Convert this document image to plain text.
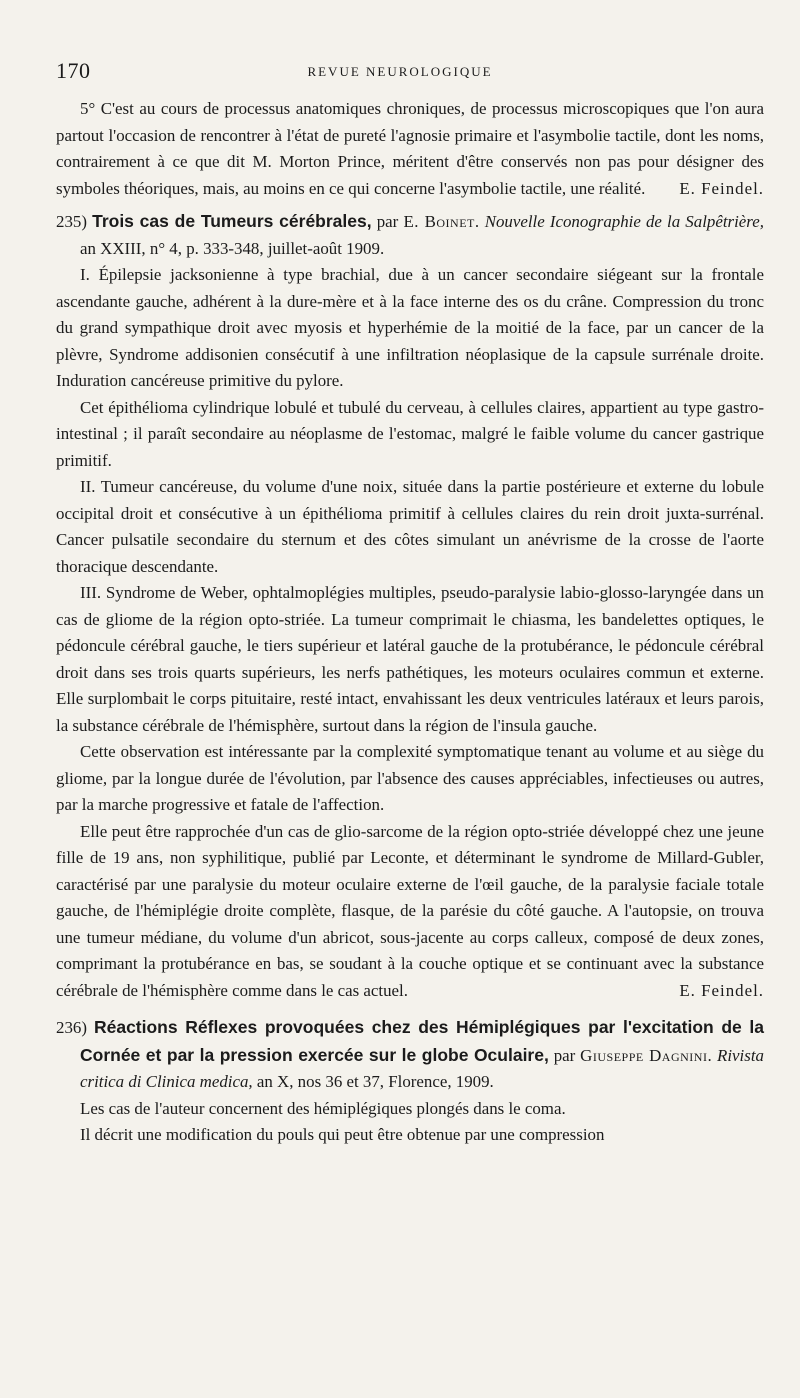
170	REVUE NEUROLOGIQUE

5° C'est au cours de processus anatomiques chroniques, de processus microscopiques que l'on aura partout l'occasion de rencontrer à l'état de pureté l'agnosie primaire et l'asymbolie tactile, dont les noms, contrairement à ce que dit M. Morton Prince, méritent d'être conservés non pas pour désigner des symboles théoriques, mais, au moins en ce qui concerne l'asymbolie tactile, une réalité.	E. Feindel.

235) Trois cas de Tumeurs cérébrales, par E. Boinet. Nouvelle Iconographie de la Salpêtrière, an XXIII, n° 4, p. 333-348, juillet-août 1909.

I. Épilepsie jacksonienne à type brachial, due à un cancer secondaire siégeant sur la frontale ascendante gauche, adhérent à la dure-mère et à la face interne des os du crâne. Compression du tronc du grand sympathique droit avec myosis et hyperhémie de la moitié de la face, par un cancer de la plèvre, Syndrome addisonien consécutif à une infiltration néoplasique de la capsule surrénale droite. Induration cancéreuse primitive du pylore.

Cet épithélioma cylindrique lobulé et tubulé du cerveau, à cellules claires, appartient au type gastro-intestinal ; il paraît secondaire au néoplasme de l'estomac, malgré le faible volume du cancer gastrique primitif.

II. Tumeur cancéreuse, du volume d'une noix, située dans la partie postérieure et externe du lobule occipital droit et consécutive à un épithélioma primitif à cellules claires du rein droit juxta-surrénal. Cancer pulsatile secondaire du sternum et des côtes simulant un anévrisme de la crosse de l'aorte thoracique descendante.

III. Syndrome de Weber, ophtalmoplégies multiples, pseudo-paralysie labio-glosso-laryngée dans un cas de gliome de la région opto-striée. La tumeur comprimait le chiasma, les bandelettes optiques, le pédoncule cérébral gauche, le tiers supérieur et latéral gauche de la protubérance, le pédoncule cérébral droit dans ses trois quarts supérieurs, les nerfs pathétiques, les moteurs oculaires commun et externe. Elle surplombait le corps pituitaire, resté intact, envahissant les deux ventricules latéraux et leurs parois, la substance cérébrale de l'hémisphère, surtout dans la région de l'insula gauche.

Cette observation est intéressante par la complexité symptomatique tenant au volume et au siège du gliome, par la longue durée de l'évolution, par l'absence des causes appréciables, infectieuses ou autres, par la marche progressive et fatale de l'affection.

Elle peut être rapprochée d'un cas de glio-sarcome de la région opto-striée développé chez une jeune fille de 19 ans, non syphilitique, publié par Leconte, et déterminant le syndrome de Millard-Gubler, caractérisé par une paralysie du moteur oculaire externe de l'œil gauche, de la paralysie faciale totale gauche, de l'hémiplégie droite complète, flasque, de la parésie du côté gauche. A l'autopsie, on trouva une tumeur médiane, du volume d'un abricot, sous-jacente au corps calleux, composé de deux zones, comprimant la protubérance en bas, se soudant à la couche optique et se continuant avec la substance cérébrale de l'hémisphère comme dans le cas actuel.	E. Feindel.

236) Réactions Réflexes provoquées chez des Hémiplégiques par l'excitation de la Cornée et par la pression exercée sur le globe Oculaire, par Giuseppe Dagnini. Rivista critica di Clinica medica, an X, nos 36 et 37, Florence, 1909.

Les cas de l'auteur concernent des hémiplégiques plongés dans le coma.

Il décrit une modification du pouls qui peut être obtenue par une compression
